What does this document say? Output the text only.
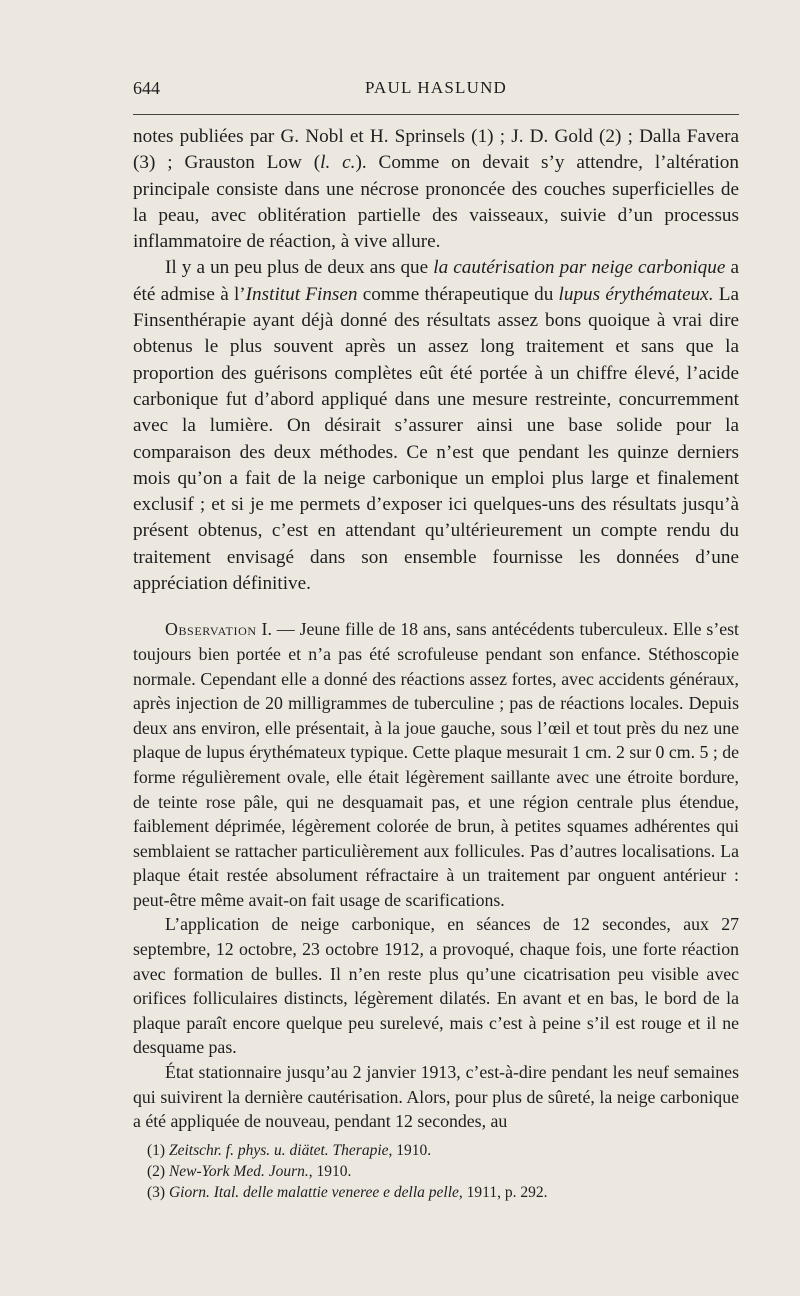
644	PAUL HASLUND

notes publiées par G. Nobl et H. Sprinsels (1) ; J. D. Gold (2) ; Dalla Favera (3) ; Grauston Low (l. c.). Comme on devait s’y attendre, l’altération principale consiste dans une nécrose prononcée des couches superficielles de la peau, avec oblitération partielle des vaisseaux, suivie d’un processus inflammatoire de réaction, à vive allure.

Il y a un peu plus de deux ans que la cautérisation par neige carbonique a été admise à l’Institut Finsen comme thérapeutique du lupus érythémateux. La Finsenthérapie ayant déjà donné des résultats assez bons quoique à vrai dire obtenus le plus souvent après un assez long traitement et sans que la proportion des guérisons complètes eût été portée à un chiffre élevé, l’acide carbonique fut d’abord appliqué dans une mesure restreinte, concurremment avec la lumière. On désirait s’assurer ainsi une base solide pour la comparaison des deux méthodes. Ce n’est que pendant les quinze derniers mois qu’on a fait de la neige carbonique un emploi plus large et finalement exclusif ; et si je me permets d’exposer ici quelques-uns des résultats jusqu’à présent obtenus, c’est en attendant qu’ultérieurement un compte rendu du traitement envisagé dans son ensemble fournisse les données d’une appréciation définitive.

Observation I. — Jeune fille de 18 ans, sans antécédents tuberculeux. Elle s’est toujours bien portée et n’a pas été scrofuleuse pendant son enfance. Stéthoscopie normale. Cependant elle a donné des réactions assez fortes, avec accidents généraux, après injection de 20 milligrammes de tuberculine ; pas de réactions locales. Depuis deux ans environ, elle présentait, à la joue gauche, sous l’œil et tout près du nez une plaque de lupus érythémateux typique. Cette plaque mesurait 1 cm. 2 sur 0 cm. 5 ; de forme régulièrement ovale, elle était légèrement saillante avec une étroite bordure, de teinte rose pâle, qui ne desquamait pas, et une région centrale plus étendue, faiblement déprimée, légèrement colorée de brun, à petites squames adhérentes qui semblaient se rattacher particulièrement aux follicules. Pas d’autres localisations. La plaque était restée absolument réfractaire à un traitement par onguent antérieur : peut-être même avait-on fait usage de scarifications.

L’application de neige carbonique, en séances de 12 secondes, aux 27 septembre, 12 octobre, 23 octobre 1912, a provoqué, chaque fois, une forte réaction avec formation de bulles. Il n’en reste plus qu’une cicatrisation peu visible avec orifices folliculaires distincts, légèrement dilatés. En avant et en bas, le bord de la plaque paraît encore quelque peu surelevé, mais c’est à peine s’il est rouge et il ne desquame pas.

État stationnaire jusqu’au 2 janvier 1913, c’est-à-dire pendant les neuf semaines qui suivirent la dernière cautérisation. Alors, pour plus de sûreté, la neige carbonique a été appliquée de nouveau, pendant 12 secondes, au

(1) Zeitschr. f. phys. u. diätet. Therapie, 1910.

(2) New-York Med. Journ., 1910.

(3) Giorn. Ital. delle malattie veneree e della pelle, 1911, p. 292.
